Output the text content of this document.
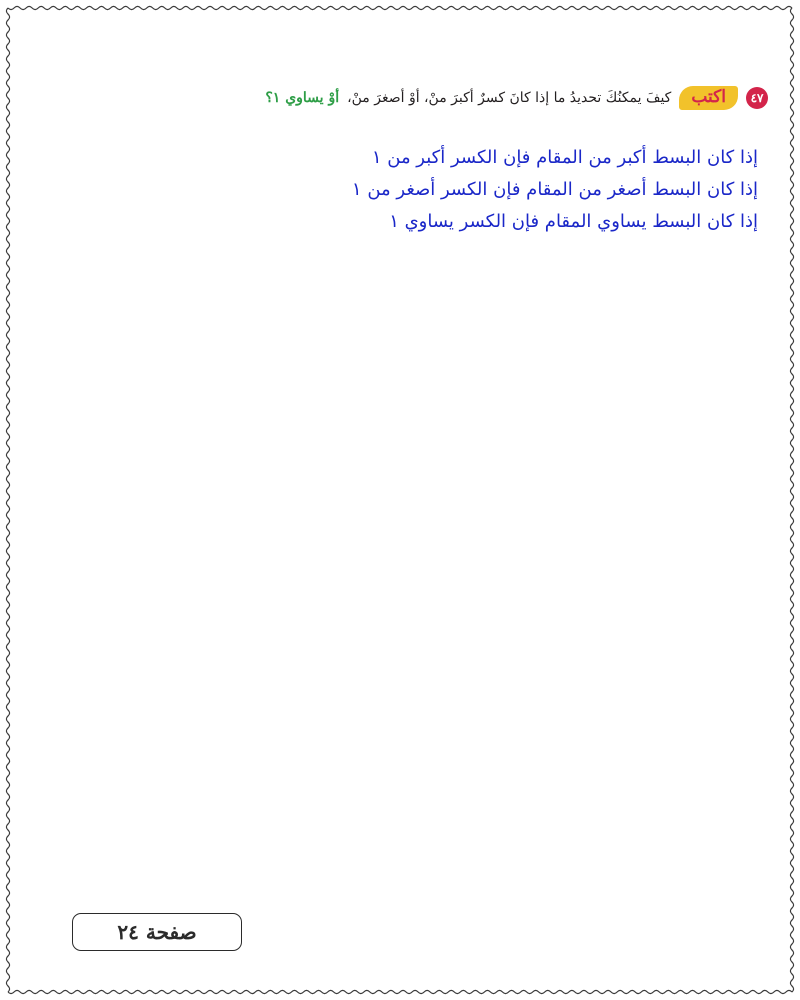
٤٧
اكتب
كيفَ يمكنُكَ تحديدُ ما إذا كانَ كسرٌ أكبرَ منْ، أوْ أصغرَ منْ،
أوْ يساوي ١؟
إذا كان البسط أكبر من المقام فإن الكسر أكبر من ١
إذا كان البسط أصغر من المقام فإن الكسر أصغر من ١
إذا كان البسط يساوي المقام فإن الكسر يساوي ١
صفحة ٢٤
